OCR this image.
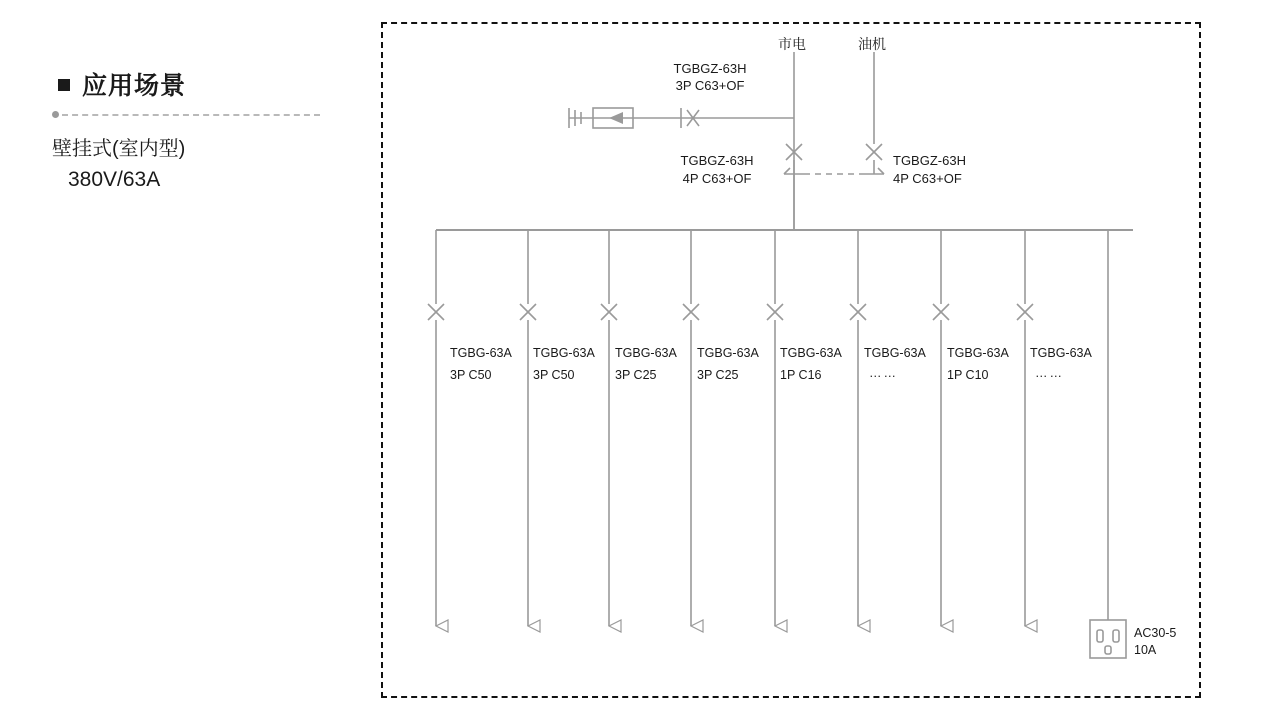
应用场景
壁挂式(室内型)
380V/63A
市电	油机
TGBGZ-63H
3P C63+OF
TGBGZ-63H
4P C63+OF
TGBGZ-63H
4P C63+OF
TGBG-63A
3P C50
TGBG-63A
3P C50
TGBG-63A
3P C25
TGBG-63A
3P C25
TGBG-63A
1P C16
TGBG-63A
……
TGBG-63A
1P C10
TGBG-63A
……
AC30-5
10A
